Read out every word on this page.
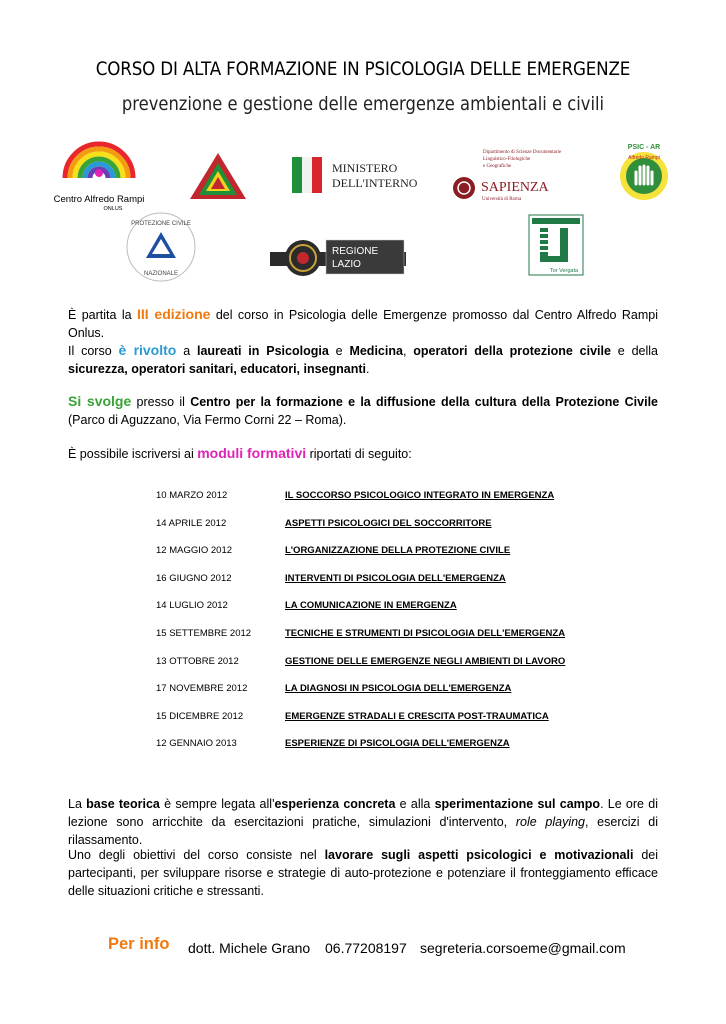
CORSO DI ALTA FORMAZIONE IN PSICOLOGIA DELLE EMERGENZE
prevenzione e gestione delle emergenze ambientali e civili
Centro Alfredo Rampi
ONLUS
MINISTERO
DELL'INTERNO
Dipartimento di Scienze Documentarie
Linguistico-Filologiche
e Geografiche
SAPIENZA
Università di Roma
PSIC - AR
Alfredo Rampi
PROTEZIONE CIVILE
NAZIONALE
REGIONE
LAZIO
Tor Vergata
È partita la III edizione del corso in Psicologia delle Emergenze promosso dal Centro Alfredo Rampi Onlus.
Il corso è rivolto a laureati in Psicologia e Medicina, operatori della protezione civile e della sicurezza, operatori sanitari, educatori, insegnanti.
Si svolge presso il Centro per la formazione e la diffusione della cultura della Protezione Civile (Parco di Aguzzano, Via Fermo Corni 22 – Roma).
È possibile iscriversi ai moduli formativi riportati di seguito:
10 MARZO 2012	IL SOCCORSO PSICOLOGICO INTEGRATO IN EMERGENZA
14 APRILE 2012	ASPETTI PSICOLOGICI DEL SOCCORRITORE
12 MAGGIO 2012	L'ORGANIZZAZIONE DELLA PROTEZIONE CIVILE
16 GIUGNO 2012	INTERVENTI DI PSICOLOGIA DELL'EMERGENZA
14 LUGLIO 2012	LA COMUNICAZIONE IN EMERGENZA
15 SETTEMBRE 2012	TECNICHE E STRUMENTI DI PSICOLOGIA DELL'EMERGENZA
13 OTTOBRE 2012	GESTIONE DELLE EMERGENZE NEGLI AMBIENTI DI LAVORO
17 NOVEMBRE 2012	LA DIAGNOSI IN PSICOLOGIA DELL'EMERGENZA
15 DICEMBRE 2012	EMERGENZE STRADALI E CRESCITA POST-TRAUMATICA
12 GENNAIO 2013	ESPERIENZE DI PSICOLOGIA DELL'EMERGENZA
La base teorica è sempre legata all'esperienza concreta e alla sperimentazione sul campo. Le ore di lezione sono arricchite da esercitazioni pratiche, simulazioni d'intervento, role playing, esercizi di rilassamento.
Uno degli obiettivi del corso consiste nel lavorare sugli aspetti psicologici e motivazionali dei partecipanti, per sviluppare risorse e strategie di auto-protezione e potenziare il fronteggiamento efficace delle situazioni critiche e stressanti.
Per info dott. Michele Grano 06.77208197 segreteria.corsoeme@gmail.com
